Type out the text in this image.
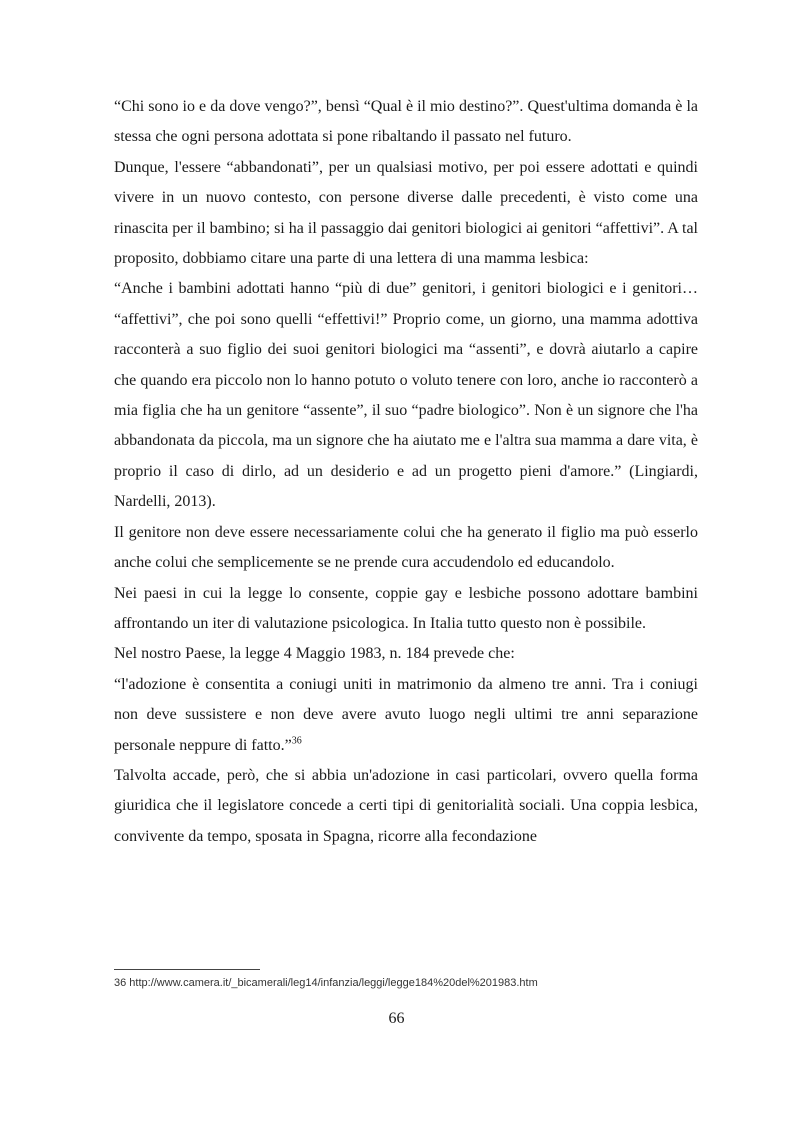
“Chi sono io e da dove vengo?”, bensì “Qual è il mio destino?”. Quest'ultima domanda è la stessa che ogni persona adottata si pone ribaltando il passato nel futuro.

Dunque, l'essere “abbandonati”, per un qualsiasi motivo, per poi essere adottati e quindi vivere in un nuovo contesto, con persone diverse dalle precedenti, è visto come una rinascita per il bambino; si ha il passaggio dai genitori biologici ai genitori “affettivi”. A tal proposito, dobbiamo citare una parte di una lettera di una mamma lesbica:

“Anche i bambini adottati hanno “più di due” genitori, i genitori biologici e i genitori… “affettivi”, che poi sono quelli “effettivi!” Proprio come, un giorno, una mamma adottiva racconterà a suo figlio dei suoi genitori biologici ma “assenti”, e dovrà aiutarlo a capire che quando era piccolo non lo hanno potuto o voluto tenere con loro, anche io racconterò a mia figlia che ha un genitore “assente”, il suo “padre biologico”. Non è un signore che l'ha abbandonata da piccola, ma un signore che ha aiutato me e l'altra sua mamma a dare vita, è proprio il caso di dirlo, ad un desiderio e ad un progetto pieni d'amore.” (Lingiardi, Nardelli, 2013).

Il genitore non deve essere necessariamente colui che ha generato il figlio ma può esserlo anche colui che semplicemente se ne prende cura accudendolo ed educandolo.

Nei paesi in cui la legge lo consente, coppie gay e lesbiche possono adottare bambini affrontando un iter di valutazione psicologica. In Italia tutto questo non è possibile.

Nel nostro Paese, la legge 4 Maggio 1983, n. 184 prevede che:

“l'adozione è consentita a coniugi uniti in matrimonio da almeno tre anni. Tra i coniugi non deve sussistere e non deve avere avuto luogo negli ultimi tre anni separazione personale neppure di fatto.”$^{36}$

Talvolta accade, però, che si abbia un'adozione in casi particolari, ovvero quella forma giuridica che il legislatore concede a certi tipi di genitorialità sociali. Una coppia lesbica, convivente da tempo, sposata in Spagna, ricorre alla fecondazione

36 http://www.camera.it/_bicamerali/leg14/infanzia/leggi/legge184%20del%201983.htm
66
